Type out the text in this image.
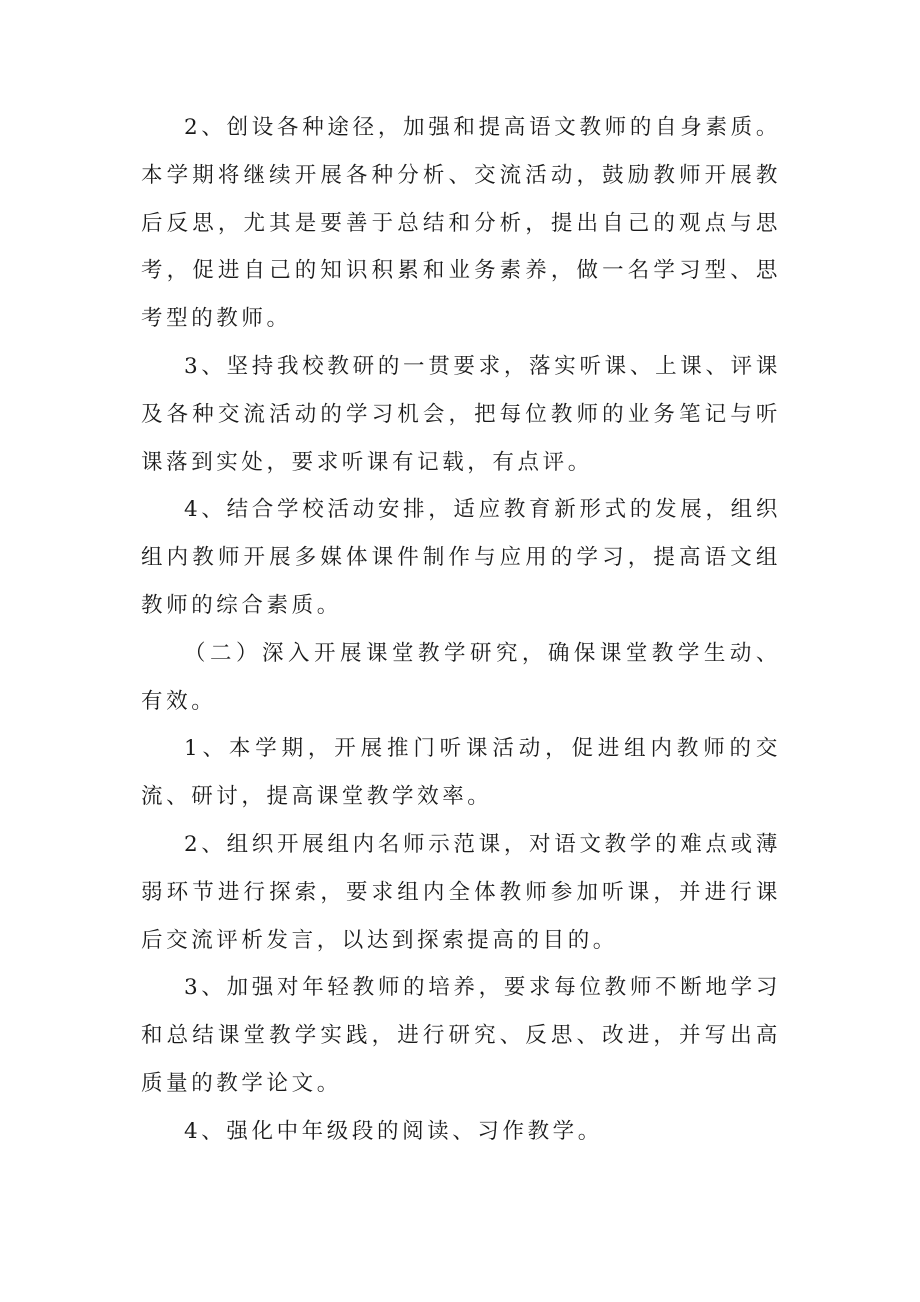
2、创设各种途径，加强和提高语文教师的自身素质。本学期将继续开展各种分析、交流活动，鼓励教师开展教后反思，尤其是要善于总结和分析，提出自己的观点与思考，促进自己的知识积累和业务素养，做一名学习型、思考型的教师。

3、坚持我校教研的一贯要求，落实听课、上课、评课及各种交流活动的学习机会，把每位教师的业务笔记与听课落到实处，要求听课有记载，有点评。

4、结合学校活动安排，适应教育新形式的发展，组织组内教师开展多媒体课件制作与应用的学习，提高语文组教师的综合素质。

（二）深入开展课堂教学研究，确保课堂教学生动、有效。

1、本学期，开展推门听课活动，促进组内教师的交流、研讨，提高课堂教学效率。

2、组织开展组内名师示范课，对语文教学的难点或薄弱环节进行探索，要求组内全体教师参加听课，并进行课后交流评析发言，以达到探索提高的目的。

3、加强对年轻教师的培养，要求每位教师不断地学习和总结课堂教学实践，进行研究、反思、改进，并写出高质量的教学论文。

4、强化中年级段的阅读、习作教学。
